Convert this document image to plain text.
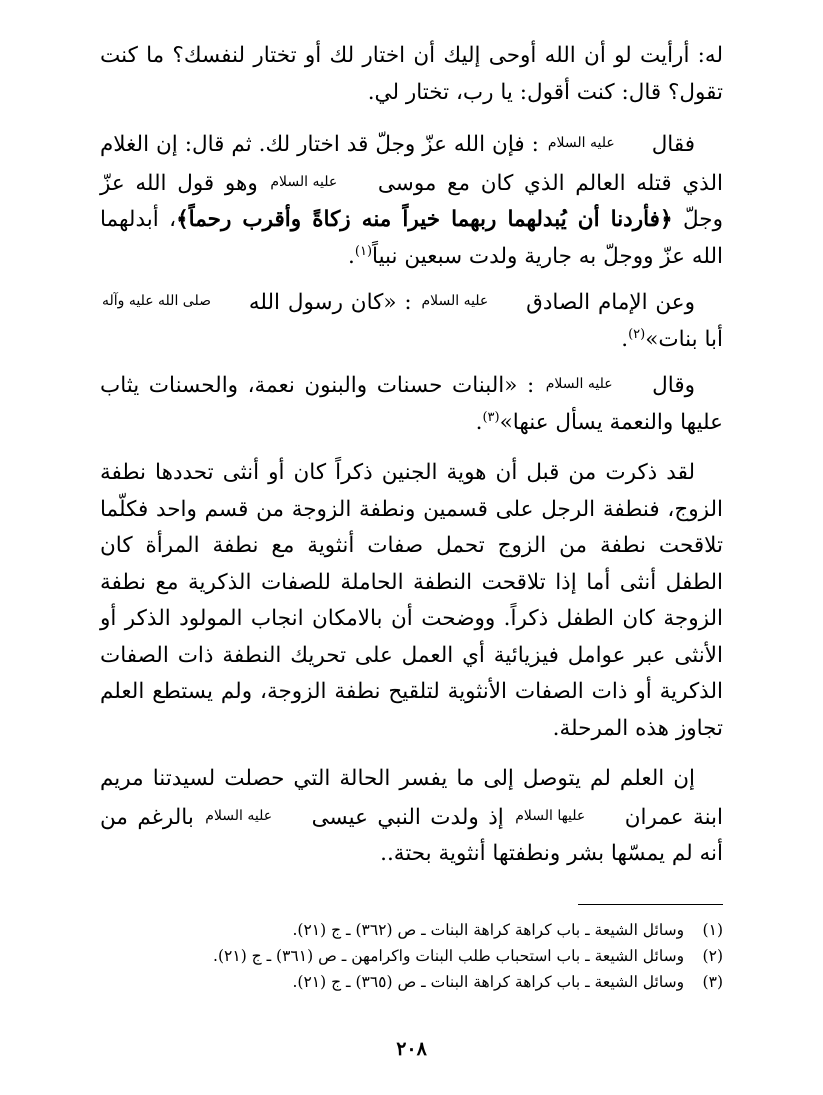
له: أرأيت لو أن الله أوحى إليك أن اختار لك أو تختار لنفسك؟ ما كنت تقول؟ قال: كنت أقول: يا رب، تختار لي.

فقال عليه السلام : فإن الله عزّ وجلّ قد اختار لك. ثم قال: إن الغلام الذي قتله العالم الذي كان مع موسى عليه السلام وهو قول الله عزّ وجلّ ﴿فأردنا أن يُبدلهما ربهما خيراً منه زكاةً وأقرب رحماً﴾، أبدلهما الله عزّ ووجلّ به جارية ولدت سبعين نبياً$^{(١)}$.

وعن الإمام الصادق عليه السلام : «كان رسول الله صلى الله عليه وآله أبا بنات»$^{(٢)}$.

وقال عليه السلام : «البنات حسنات والبنون نعمة، والحسنات يثاب عليها والنعمة يسأل عنها»$^{(٣)}$.

لقد ذكرت من قبل أن هوية الجنين ذكراً كان أو أنثى تحددها نطفة الزوج، فنطفة الرجل على قسمين ونطفة الزوجة من قسم واحد فكلّما تلاقحت نطفة من الزوج تحمل صفات أنثوية مع نطفة المرأة كان الطفل أنثى أما إذا تلاقحت النطفة الحاملة للصفات الذكرية مع نطفة الزوجة كان الطفل ذكراً. ووضحت أن بالامكان انجاب المولود الذكر أو الأنثى عبر عوامل فيزيائية أي العمل على تحريك النطفة ذات الصفات الذكرية أو ذات الصفات الأنثوية لتلقيح نطفة الزوجة، ولم يستطع العلم تجاوز هذه المرحلة.

إن العلم لم يتوصل إلى ما يفسر الحالة التي حصلت لسيدتنا مريم ابنة عمران عليها السلام إذ ولدت النبي عيسى عليه السلام بالرغم من أنه لم يمسّها بشر ونطفتها أنثوية بحتة..

(١) وسائل الشيعة ـ باب كراهة كراهة البنات ـ ص (٣٦٢) ـ ج (٢١).
(٢) وسائل الشيعة ـ باب استحباب طلب البنات واكرامهن ـ ص (٣٦١) ـ ج (٢١).
(٣) وسائل الشيعة ـ باب كراهة كراهة البنات ـ ص (٣٦٥) ـ ج (٢١).
٢٠٨
